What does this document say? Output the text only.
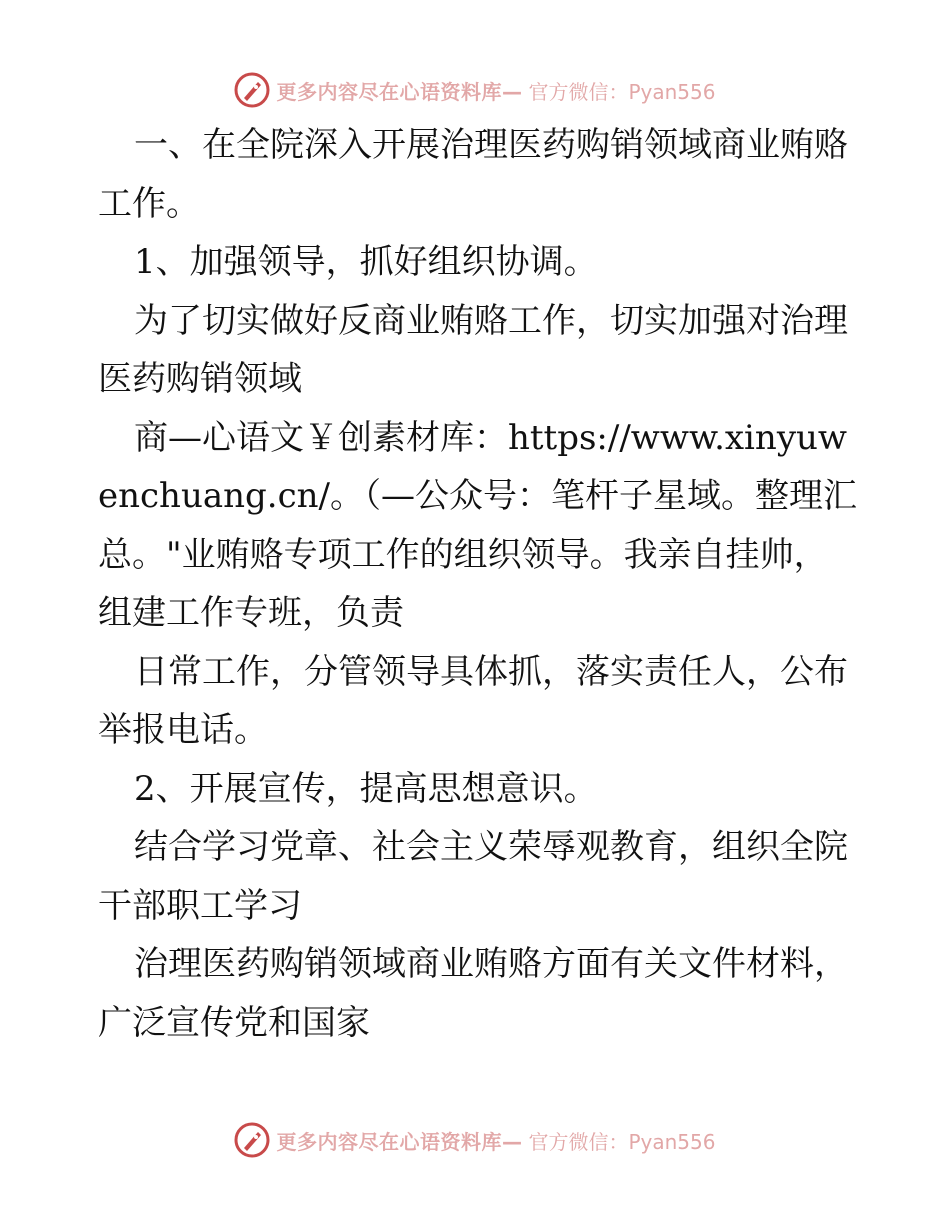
更多内容尽在心语资料库— 官方微信：Pyan556

一、在全院深入开展治理医药购销领域商业贿赂工作。

1、加强领导，抓好组织协调。

为了切实做好反商业贿赂工作，切实加强对治理医药购销领域

商—心语文￥创素材库：https://www.xinyuwenchuang.cn/。（—公众号：笔杆子星域。整理汇总。"业贿赂专项工作的组织领导。我亲自挂帅，组建工作专班，负责

日常工作，分管领导具体抓，落实责任人，公布举报电话。

2、开展宣传，提高思想意识。

结合学习党章、社会主义荣辱观教育，组织全院干部职工学习

治理医药购销领域商业贿赂方面有关文件材料，广泛宣传党和国家

更多内容尽在心语资料库— 官方微信：Pyan556
